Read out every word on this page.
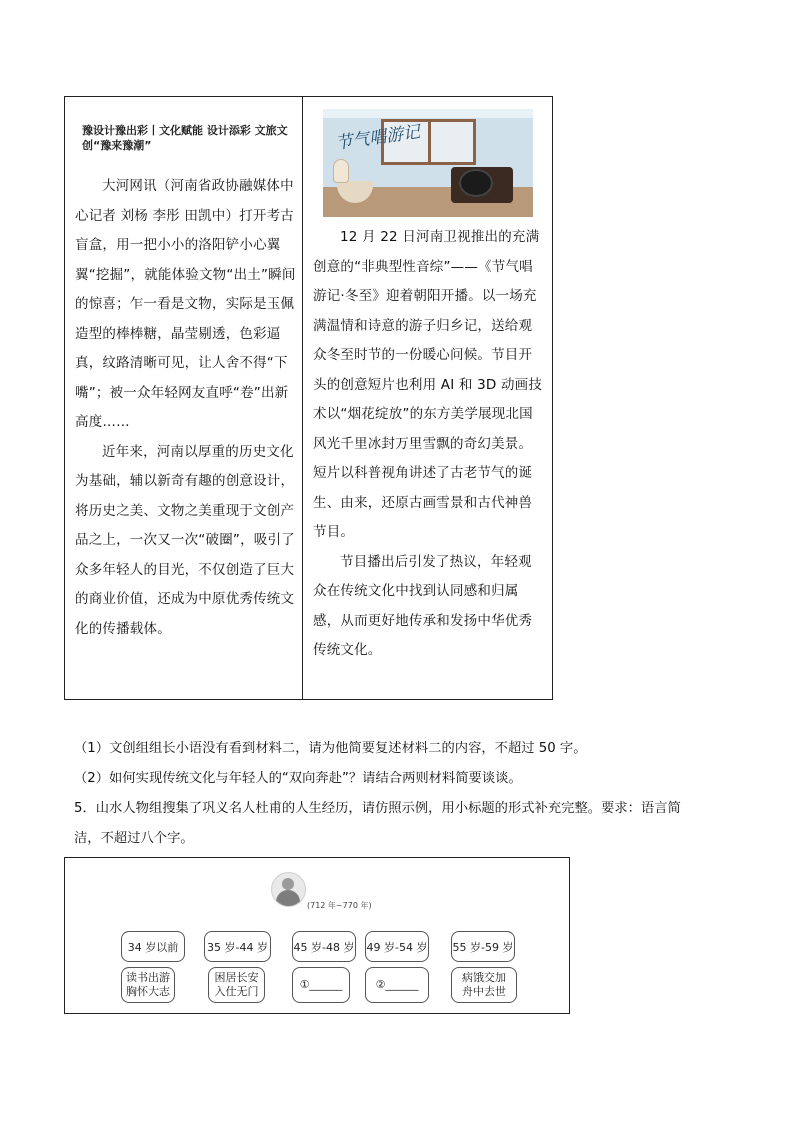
豫设计豫出彩丨文化赋能 设计添彩 文旅文创“豫来豫潮”

大河网讯（河南省政协融媒体中心记者 刘杨 李彤 田凯中）打开考古盲盒，用一把小小的洛阳铲小心翼翼“挖掘”，就能体验文物“出土”瞬间的惊喜；乍一看是文物，实际是玉佩造型的棒棒糖，晶莹剔透，色彩逼真，纹路清晰可见，让人舍不得“下嘴”；被一众年轻网友直呼“卷”出新高度……

近年来，河南以厚重的历史文化为基础，辅以新奇有趣的创意设计，将历史之美、文物之美重现于文创产品之上，一次又一次“破圈”，吸引了众多年轻人的目光，不仅创造了巨大的商业价值，还成为中原优秀传统文化的传播载体。

节气唱游记

12 月 22 日河南卫视推出的充满创意的“非典型性音综”——《节气唱游记·冬至》迎着朝阳开播。以一场充满温情和诗意的游子归乡记，送给观众冬至时节的一份暖心问候。节目开头的创意短片也利用 AI 和 3D 动画技术以“烟花绽放”的东方美学展现北国风光千里冰封万里雪飘的奇幻美景。短片以科普视角讲述了古老节气的诞生、由来，还原古画雪景和古代神兽节目。

节目播出后引发了热议，年轻观众在传统文化中找到认同感和归属感，从而更好地传承和发扬中华优秀传统文化。

（1）文创组组长小语没有看到材料二，请为他简要复述材料二的内容，不超过 50 字。
（2）如何实现传统文化与年轻人的“双向奔赴”？请结合两则材料简要谈谈。
5．山水人物组搜集了巩义名人杜甫的人生经历，请仿照示例，用小标题的形式补充完整。要求：语言简
洁，不超过八个字。
(712 年~770 年)
34 岁以前	35 岁-44 岁 45 岁-48 岁 49 岁-54 岁 55 岁-59 岁
读书出游
胸怀大志
困居长安
入仕无门
①______	②______
病饿交加
舟中去世
